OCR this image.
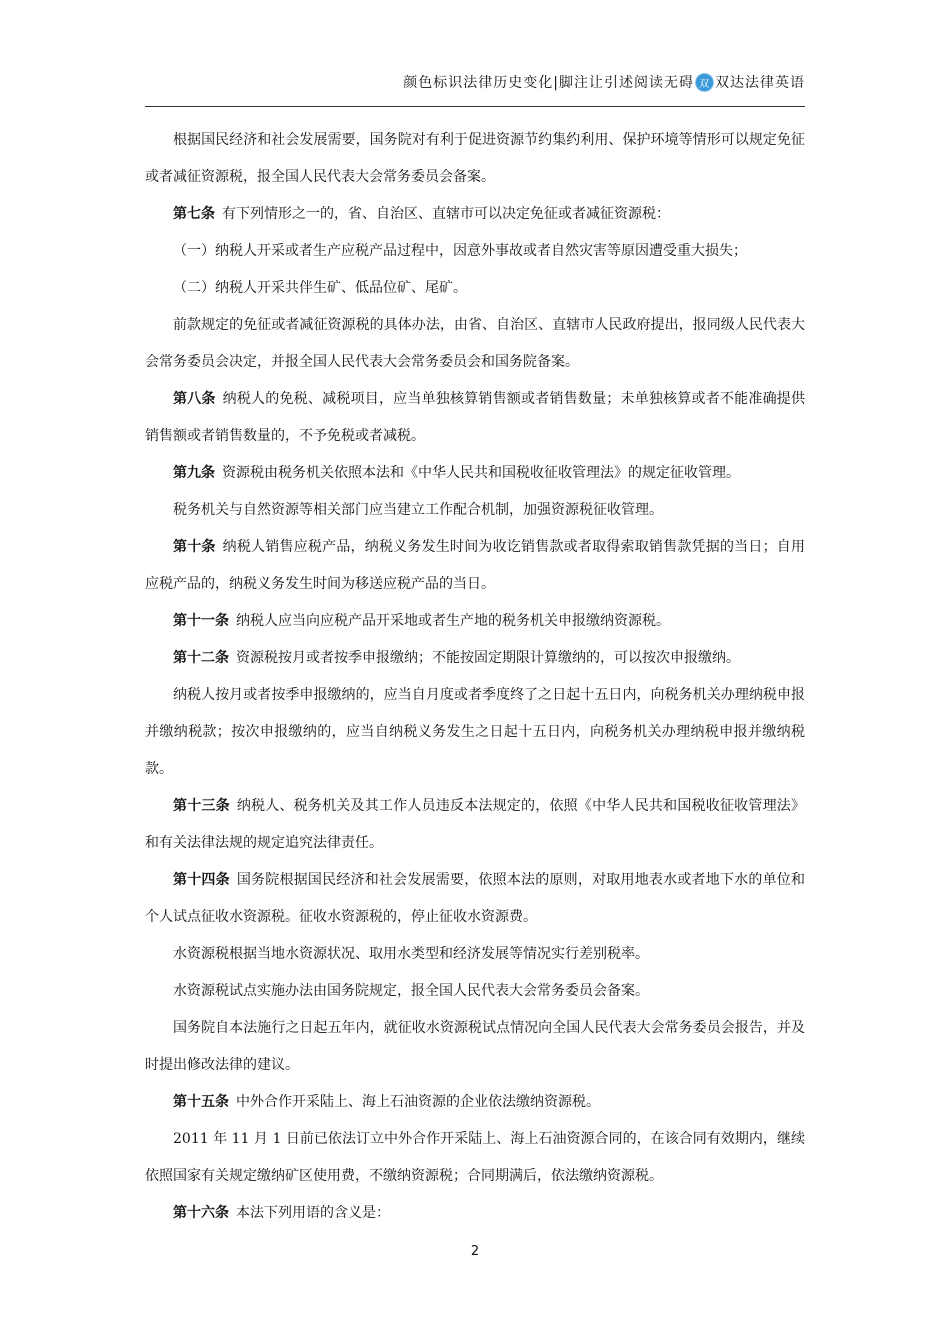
颜色标识法律历史变化|脚注让引述阅读无碍 双 双达法律英语

根据国民经济和社会发展需要，国务院对有利于促进资源节约集约利用、保护环境等情形可以规定免征或者减征资源税，报全国人民代表大会常务委员会备案。

第七条 有下列情形之一的，省、自治区、直辖市可以决定免征或者减征资源税：

（一）纳税人开采或者生产应税产品过程中，因意外事故或者自然灾害等原因遭受重大损失；

（二）纳税人开采共伴生矿、低品位矿、尾矿。

前款规定的免征或者减征资源税的具体办法，由省、自治区、直辖市人民政府提出，报同级人民代表大会常务委员会决定，并报全国人民代表大会常务委员会和国务院备案。

第八条 纳税人的免税、减税项目，应当单独核算销售额或者销售数量；未单独核算或者不能准确提供销售额或者销售数量的，不予免税或者减税。

第九条 资源税由税务机关依照本法和《中华人民共和国税收征收管理法》的规定征收管理。

税务机关与自然资源等相关部门应当建立工作配合机制，加强资源税征收管理。

第十条 纳税人销售应税产品，纳税义务发生时间为收讫销售款或者取得索取销售款凭据的当日；自用应税产品的，纳税义务发生时间为移送应税产品的当日。

第十一条 纳税人应当向应税产品开采地或者生产地的税务机关申报缴纳资源税。

第十二条 资源税按月或者按季申报缴纳；不能按固定期限计算缴纳的，可以按次申报缴纳。

纳税人按月或者按季申报缴纳的，应当自月度或者季度终了之日起十五日内，向税务机关办理纳税申报并缴纳税款；按次申报缴纳的，应当自纳税义务发生之日起十五日内，向税务机关办理纳税申报并缴纳税款。

第十三条 纳税人、税务机关及其工作人员违反本法规定的，依照《中华人民共和国税收征收管理法》和有关法律法规的规定追究法律责任。

第十四条 国务院根据国民经济和社会发展需要，依照本法的原则，对取用地表水或者地下水的单位和个人试点征收水资源税。征收水资源税的，停止征收水资源费。

水资源税根据当地水资源状况、取用水类型和经济发展等情况实行差别税率。

水资源税试点实施办法由国务院规定，报全国人民代表大会常务委员会备案。

国务院自本法施行之日起五年内，就征收水资源税试点情况向全国人民代表大会常务委员会报告，并及时提出修改法律的建议。

第十五条 中外合作开采陆上、海上石油资源的企业依法缴纳资源税。

2011 年 11 月 1 日前已依法订立中外合作开采陆上、海上石油资源合同的，在该合同有效期内，继续依照国家有关规定缴纳矿区使用费，不缴纳资源税；合同期满后，依法缴纳资源税。

第十六条 本法下列用语的含义是：

2
